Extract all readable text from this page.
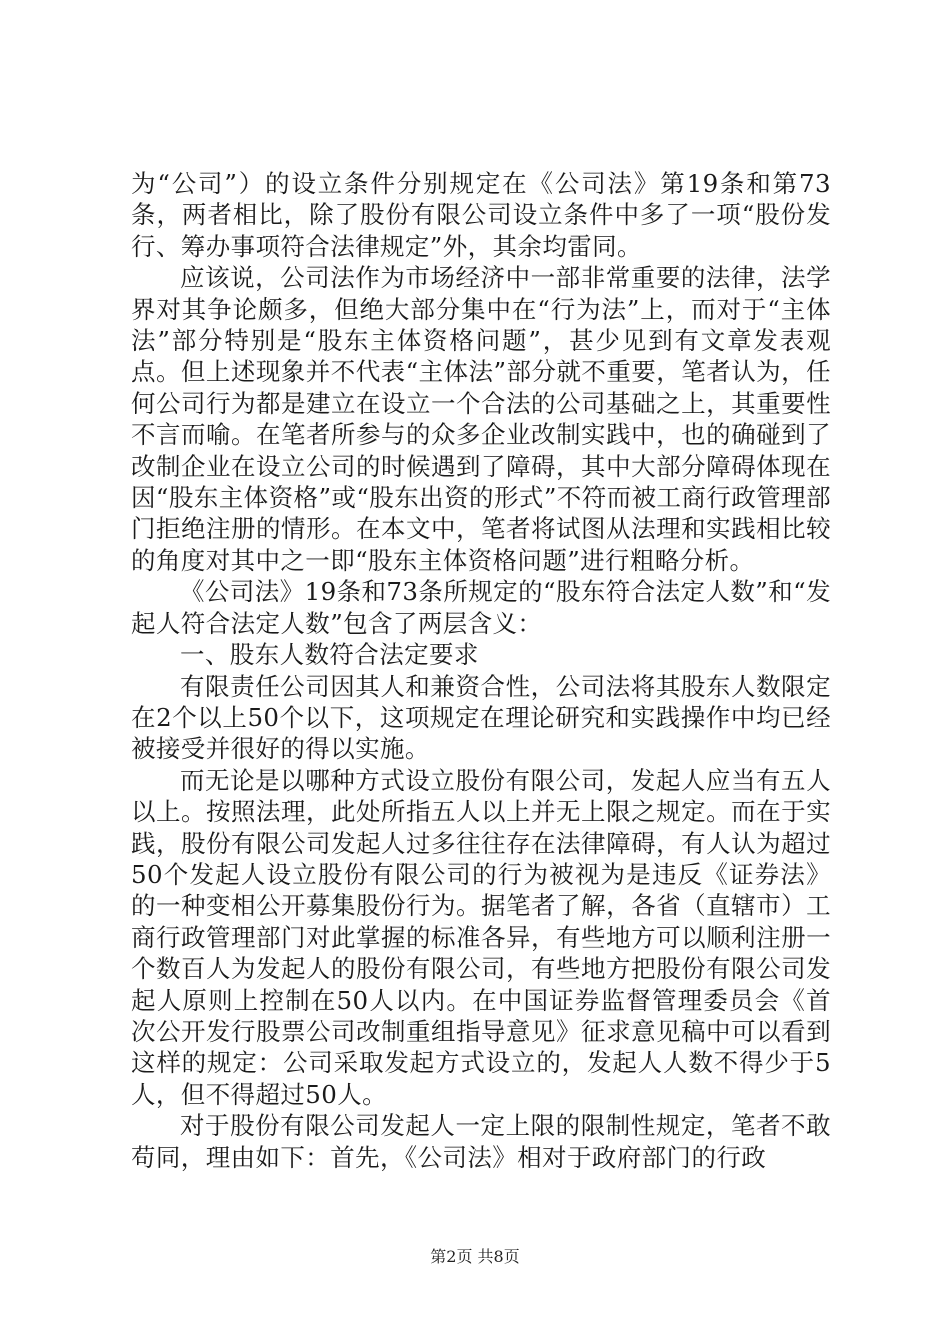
为“公司”）的设立条件分别规定在《公司法》第19条和第73条，两者相比，除了股份有限公司设立条件中多了一项“股份发行、筹办事项符合法律规定”外，其余均雷同。

应该说，公司法作为市场经济中一部非常重要的法律，法学界对其争论颇多，但绝大部分集中在“行为法”上，而对于“主体法”部分特别是“股东主体资格问题”，甚少见到有文章发表观点。但上述现象并不代表“主体法”部分就不重要，笔者认为，任何公司行为都是建立在设立一个合法的公司基础之上，其重要性不言而喻。在笔者所参与的众多企业改制实践中，也的确碰到了改制企业在设立公司的时候遇到了障碍，其中大部分障碍体现在因“股东主体资格”或“股东出资的形式”不符而被工商行政管理部门拒绝注册的情形。在本文中，笔者将试图从法理和实践相比较的角度对其中之一即“股东主体资格问题”进行粗略分析。

《公司法》19条和73条所规定的“股东符合法定人数”和“发起人符合法定人数”包含了两层含义：

一、股东人数符合法定要求

有限责任公司因其人和兼资合性，公司法将其股东人数限定在2个以上50个以下，这项规定在理论研究和实践操作中均已经被接受并很好的得以实施。

而无论是以哪种方式设立股份有限公司，发起人应当有五人以上。按照法理，此处所指五人以上并无上限之规定。而在于实践，股份有限公司发起人过多往往存在法律障碍，有人认为超过50个发起人设立股份有限公司的行为被视为是违反《证券法》的一种变相公开募集股份行为。据笔者了解，各省（直辖市）工商行政管理部门对此掌握的标准各异，有些地方可以顺利注册一个数百人为发起人的股份有限公司，有些地方把股份有限公司发起人原则上控制在50人以内。在中国证券监督管理委员会《首次公开发行股票公司改制重组指导意见》征求意见稿中可以看到这样的规定：公司采取发起方式设立的，发起人人数不得少于5人，但不得超过50人。

对于股份有限公司发起人一定上限的限制性规定，笔者不敢苟同，理由如下：首先，《公司法》相对于政府部门的行政

第2页 共8页
